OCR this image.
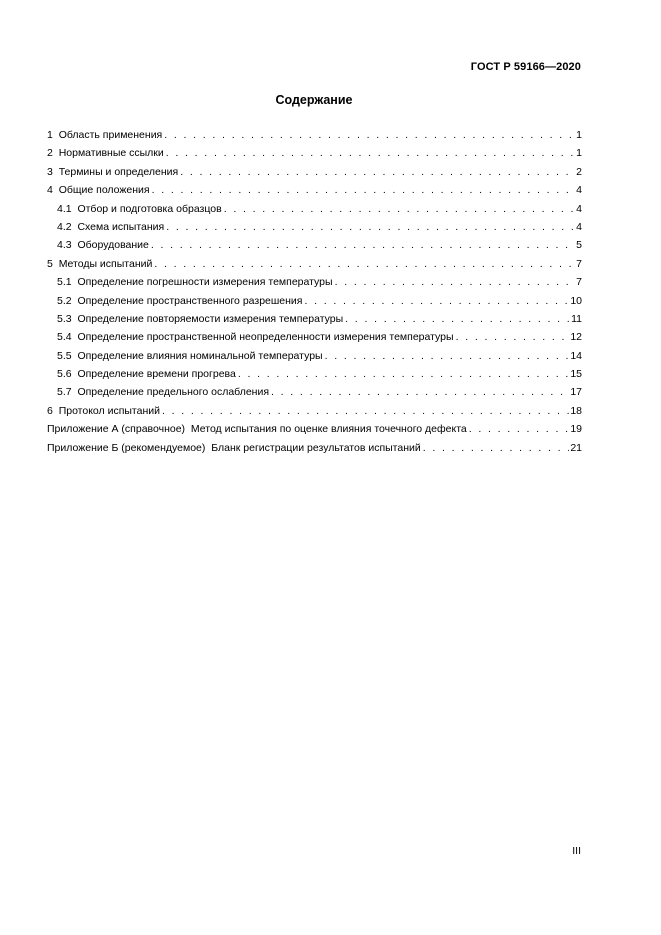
ГОСТ Р 59166—2020
Содержание
1 Область применения . . .	1
2 Нормативные ссылки . . .	1
3 Термины и определения . . .	2
4 Общие положения . . .	4
4.1 Отбор и подготовка образцов . . .	4
4.2 Схема испытания . . .	4
4.3 Оборудование . . .	5
5 Методы испытаний . . .	7
5.1 Определение погрешности измерения температуры . . .	7
5.2 Определение пространственного разрешения . . .	10
5.3 Определение повторяемости измерения температуры . . .	11
5.4 Определение пространственной неопределенности измерения температуры . . .	12
5.5 Определение влияния номинальной температуры . . .	14
5.6 Определение времени прогрева . . .	15
5.7 Определение предельного ослабления . . .	17
6 Протокол испытаний . . .	18
Приложение А (справочное) Метод испытания по оценке влияния точечного дефекта . . .	19
Приложение Б (рекомендуемое) Бланк регистрации результатов испытаний . . .	21
III
